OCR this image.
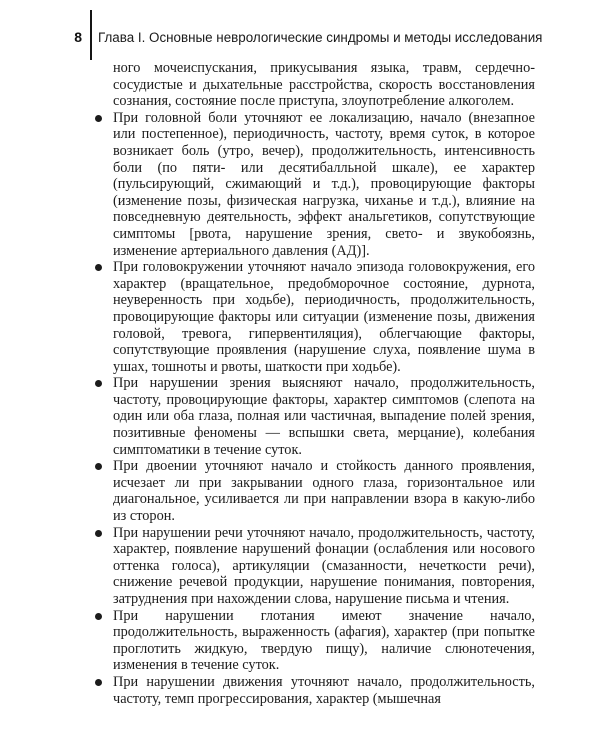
8 Глава I. Основные неврологические синдромы и методы исследования

ного мочеиспускания, прикусывания языка, травм, сердечно-сосудистые и дыхательные расстройства, скорость восстановления сознания, состояние после приступа, злоупотребление алкоголем.

При головной боли уточняют ее локализацию, начало (внезапное или постепенное), периодичность, частоту, время суток, в которое возникает боль (утро, вечер), продолжительность, интенсивность боли (по пяти- или десятибалльной шкале), ее характер (пульсирующий, сжимающий и т.д.), провоцирующие факторы (изменение позы, физическая нагрузка, чиханье и т.д.), влияние на повседневную деятельность, эффект анальгетиков, сопутствующие симптомы [рвота, нарушение зрения, свето- и звукобоязнь, изменение артериального давления (АД)].
При головокружении уточняют начало эпизода головокружения, его характер (вращательное, предобморочное состояние, дурнота, неуверенность при ходьбе), периодичность, продолжительность, провоцирующие факторы или ситуации (изменение позы, движения головой, тревога, гипервентиляция), облегчающие факторы, сопутствующие проявления (нарушение слуха, появление шума в ушах, тошноты и рвоты, шаткости при ходьбе).
При нарушении зрения выясняют начало, продолжительность, частоту, провоцирующие факторы, характер симптомов (слепота на один или оба глаза, полная или частичная, выпадение полей зрения, позитивные феномены — вспышки света, мерцание), колебания симптоматики в течение суток.
При двоении уточняют начало и стойкость данного проявления, исчезает ли при закрывании одного глаза, горизонтальное или диагональное, усиливается ли при направлении взора в какую-либо из сторон.
При нарушении речи уточняют начало, продолжительность, частоту, характер, появление нарушений фонации (ослабления или носового оттенка голоса), артикуляции (смазанности, нечеткости речи), снижение речевой продукции, нарушение понимания, повторения, затруднения при нахождении слова, нарушение письма и чтения.
При нарушении глотания имеют значение начало, продолжительность, выраженность (афагия), характер (при попытке проглотить жидкую, твердую пищу), наличие слюнотечения, изменения в течение суток.
При нарушении движения уточняют начало, продолжительность, частоту, темп прогрессирования, характер (мышечная
